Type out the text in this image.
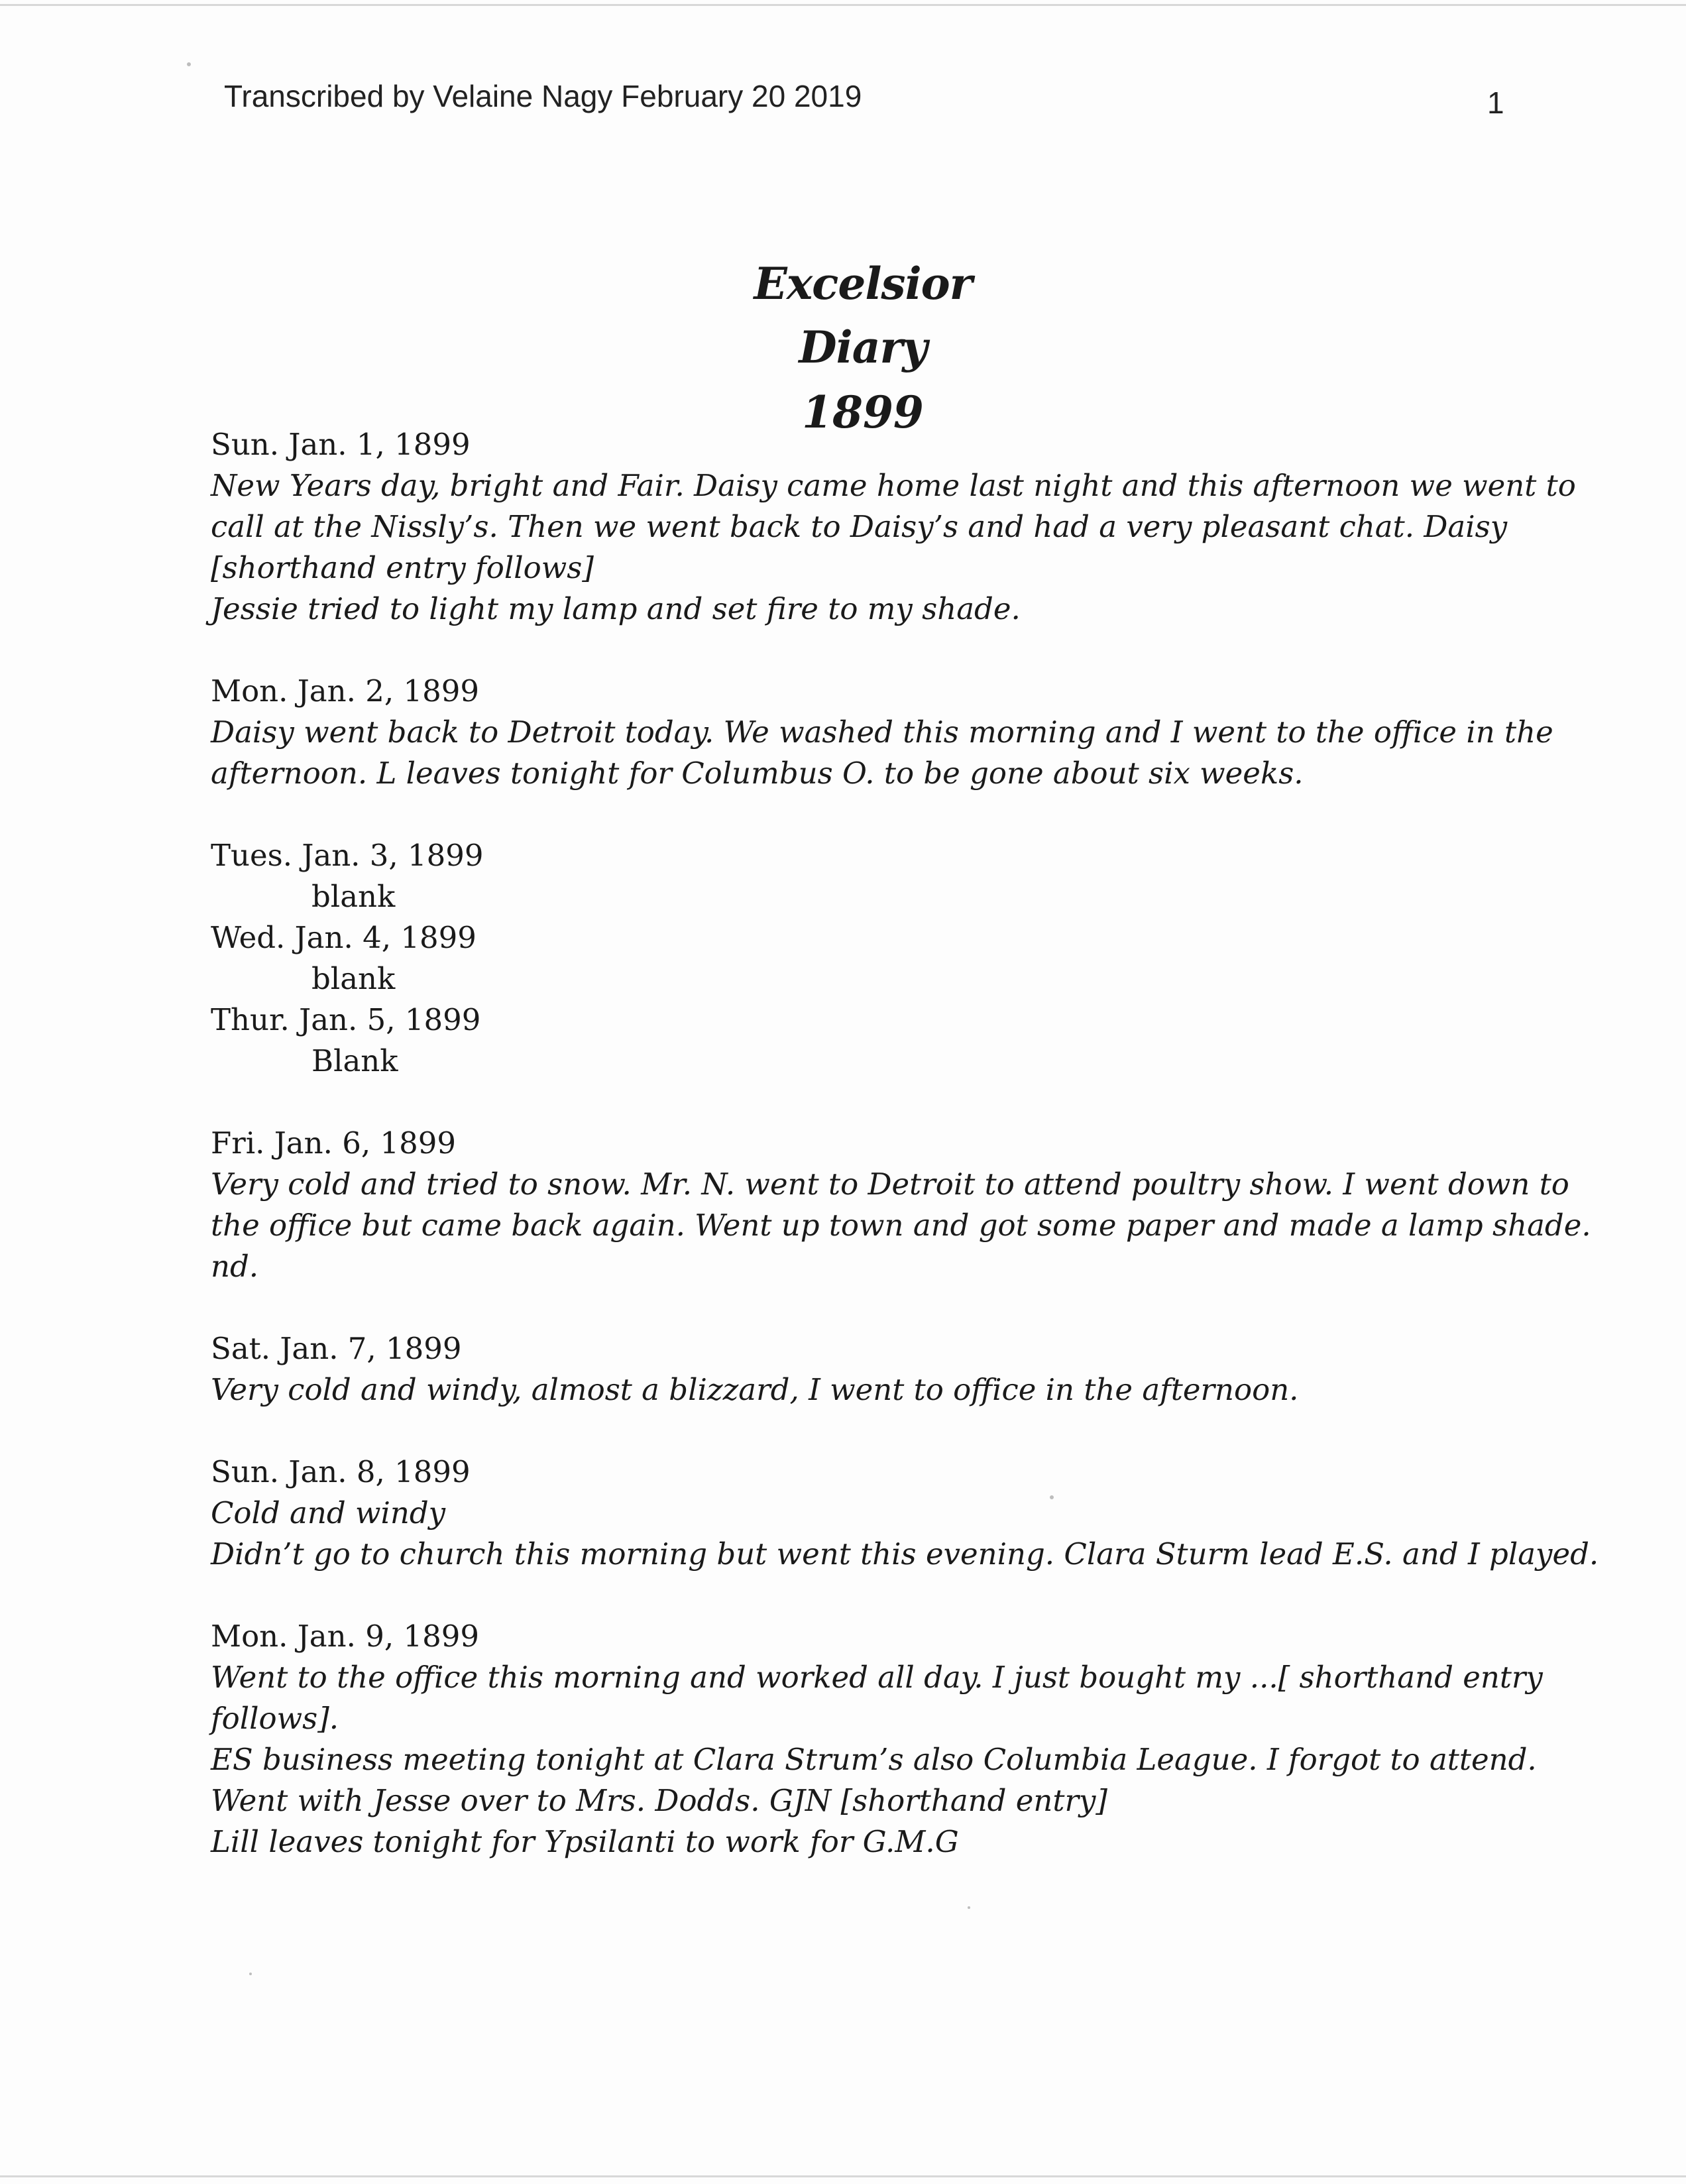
Transcribed by Velaine Nagy February 20 2019	1
Excelsior Diary
1899
Sun. Jan. 1, 1899
New Years day, bright and Fair. Daisy came home last night and this afternoon we went to
call at the Nissly’s. Then we went back to Daisy’s and had a very pleasant chat. Daisy
[shorthand entry follows]
Jessie tried to light my lamp and set fire to my shade.
Mon. Jan. 2, 1899
Daisy went back to Detroit today. We washed this morning and I went to the office in the
afternoon. L leaves tonight for Columbus O. to be gone about six weeks.
Tues. Jan. 3, 1899
blank
Wed. Jan. 4, 1899
blank
Thur. Jan. 5, 1899
Blank
Fri. Jan. 6, 1899
Very cold and tried to snow. Mr. N. went to Detroit to attend poultry show. I went down to
the office but came back again. Went up town and got some paper and made a lamp shade.
nd.
Sat. Jan. 7, 1899
Very cold and windy, almost a blizzard, I went to office in the afternoon.
Sun. Jan. 8, 1899
Cold and windy
Didn’t go to church this morning but went this evening. Clara Sturm lead E.S. and I played.
Mon. Jan. 9, 1899
Went to the office this morning and worked all day. I just bought my ...[ shorthand entry
follows].
ES business meeting tonight at Clara Strum’s also Columbia League. I forgot to attend.
Went with Jesse over to Mrs. Dodds. GJN [shorthand entry]
Lill leaves tonight for Ypsilanti to work for G.M.G
